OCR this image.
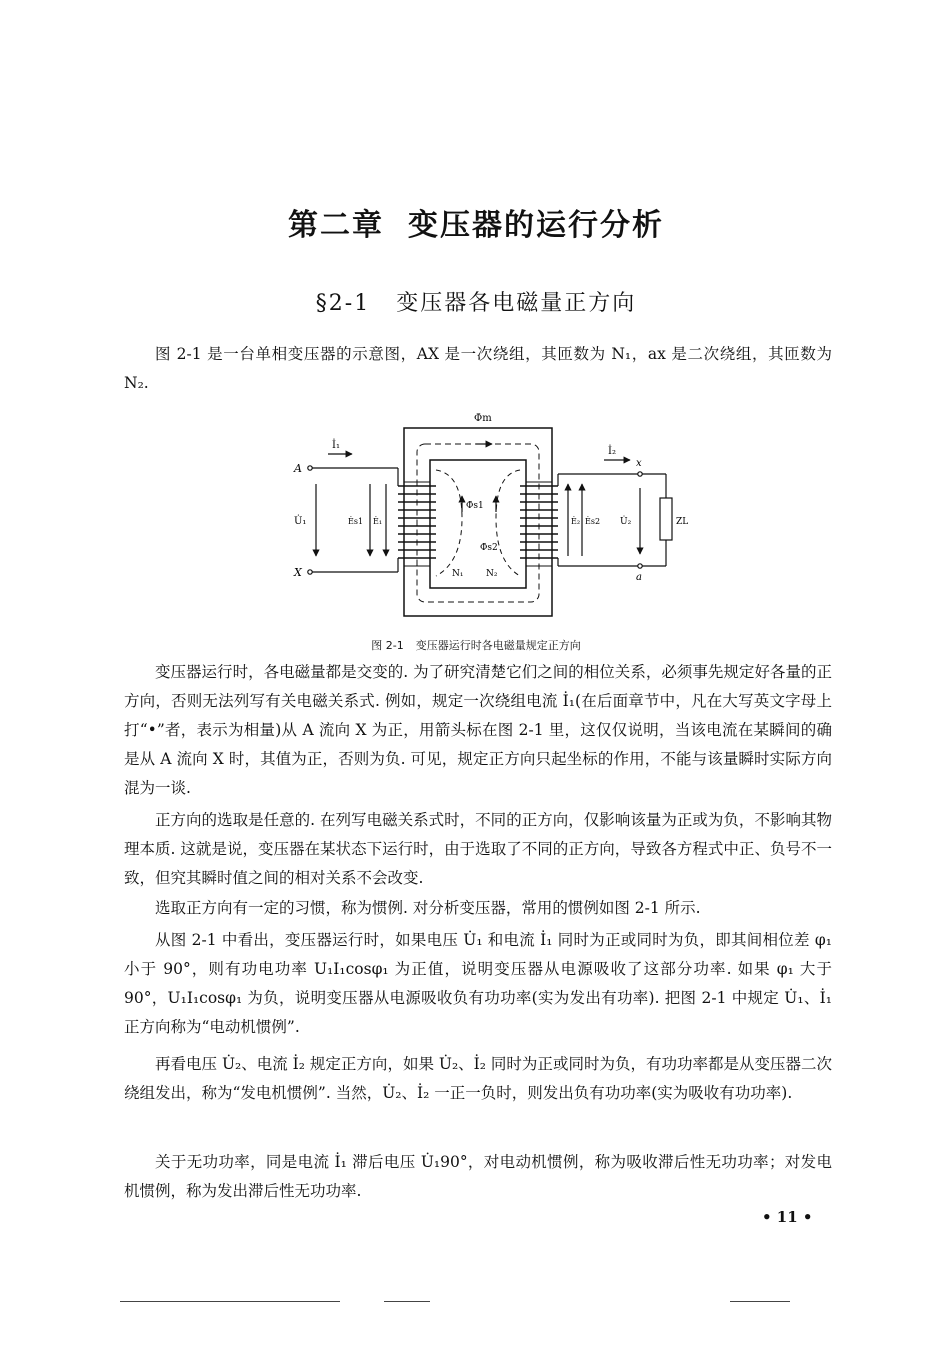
第二章 变压器的运行分析
§2-1 变压器各电磁量正方向

图 2-1 是一台单相变压器的示意图，AX 是一次绕组，其匝数为 N₁，ax 是二次绕组，其匝数为 N₂.

Φ̇m
Φ̇s1
Φ̇s2
N₁	N₂
İ₁
A
X
U̇₁	Ės1 Ė₁
İ₂
x
a
Ė₂ Ės2 U̇₂	ZL
图 2-1 变压器运行时各电磁量规定正方向

变压器运行时，各电磁量都是交变的. 为了研究清楚它们之间的相位关系，必须事先规定好各量的正方向，否则无法列写有关电磁关系式. 例如，规定一次绕组电流 İ₁(在后面章节中，凡在大写英文字母上打“•”者，表示为相量)从 A 流向 X 为正，用箭头标在图 2-1 里，这仅仅说明，当该电流在某瞬间的确是从 A 流向 X 时，其值为正，否则为负. 可见，规定正方向只起坐标的作用，不能与该量瞬时实际方向混为一谈.

正方向的选取是任意的. 在列写电磁关系式时，不同的正方向，仅影响该量为正或为负，不影响其物理本质. 这就是说，变压器在某状态下运行时，由于选取了不同的正方向，导致各方程式中正、负号不一致，但究其瞬时值之间的相对关系不会改变.

选取正方向有一定的习惯，称为惯例. 对分析变压器，常用的惯例如图 2-1 所示.

从图 2-1 中看出，变压器运行时，如果电压 U̇₁ 和电流 İ₁ 同时为正或同时为负，即其间相位差 φ₁ 小于 90°，则有功电功率 U₁I₁cosφ₁ 为正值，说明变压器从电源吸收了这部分功率. 如果 φ₁ 大于 90°，U₁I₁cosφ₁ 为负，说明变压器从电源吸收负有功功率(实为发出有功率). 把图 2-1 中规定 U̇₁、İ₁ 正方向称为“电动机惯例”.

再看电压 U̇₂、电流 İ₂ 规定正方向，如果 U̇₂、İ₂ 同时为正或同时为负，有功功率都是从变压器二次绕组发出，称为“发电机惯例”. 当然，U̇₂、İ₂ 一正一负时，则发出负有功功率(实为吸收有功功率).

关于无功功率，同是电流 İ₁ 滞后电压 U̇₁90°，对电动机惯例，称为吸收滞后性无功功率；对发电机惯例，称为发出滞后性无功功率.

• 11 •
